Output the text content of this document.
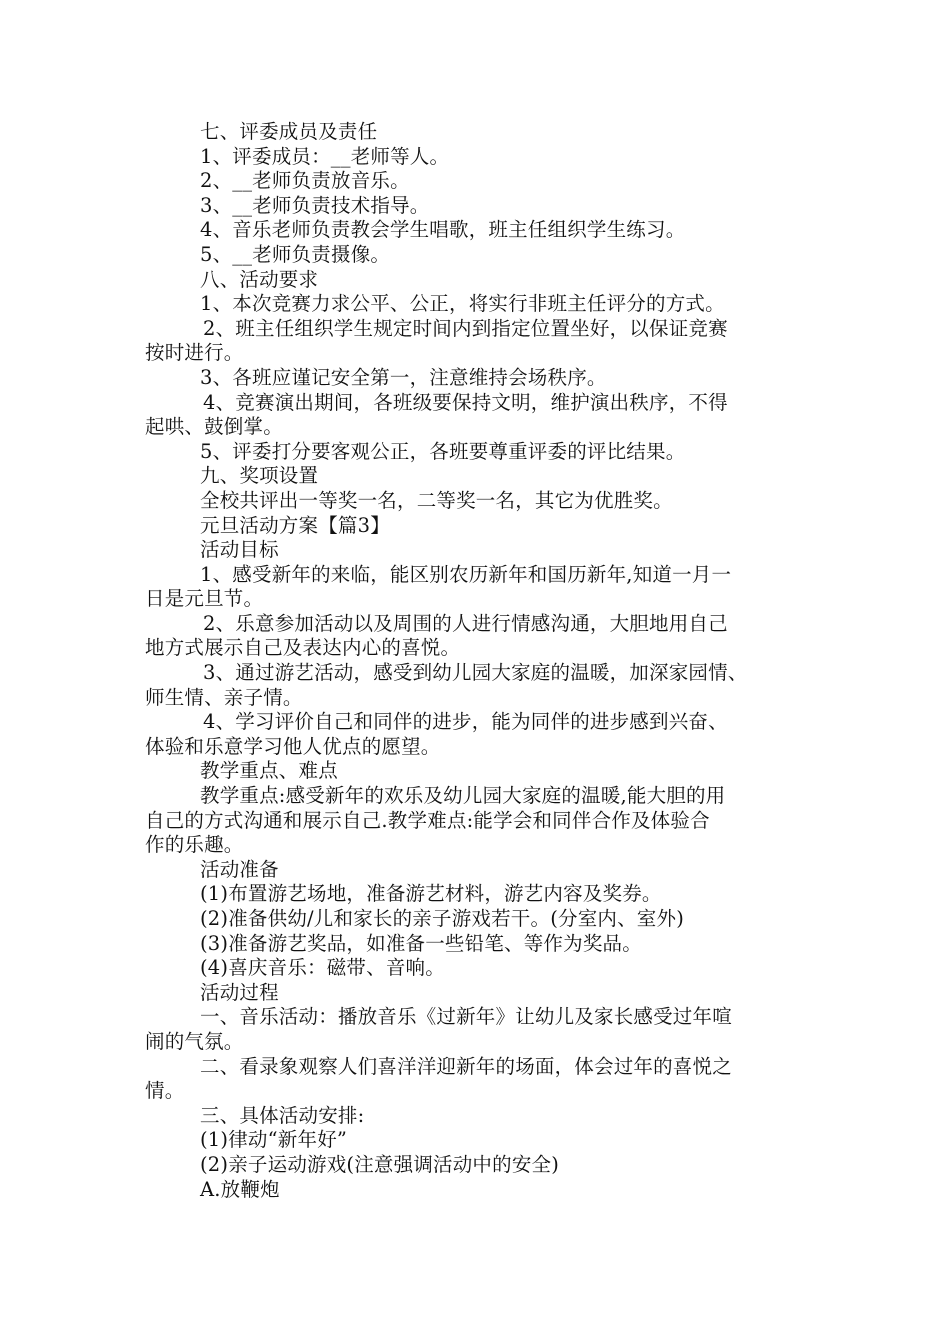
七、评委成员及责任
1、评委成员：__老师等人。
2、__老师负责放音乐。
3、__老师负责技术指导。
4、音乐老师负责教会学生唱歌，班主任组织学生练习。
5、__老师负责摄像。
八、活动要求
1、本次竞赛力求公平、公正，将实行非班主任评分的方式。
2、班主任组织学生规定时间内到指定位置坐好，以保证竞赛
按时进行。
3、各班应谨记安全第一，注意维持会场秩序。
4、竞赛演出期间，各班级要保持文明，维护演出秩序，不得
起哄、鼓倒掌。
5、评委打分要客观公正，各班要尊重评委的评比结果。
九、奖项设置
全校共评出一等奖一名，二等奖一名，其它为优胜奖。
元旦活动方案【篇3】
活动目标
1、感受新年的来临，能区别农历新年和国历新年,知道一月一
日是元旦节。
2、乐意参加活动以及周围的人进行情感沟通，大胆地用自己
地方式展示自己及表达内心的喜悦。
3、通过游艺活动，感受到幼儿园大家庭的温暖，加深家园情、
师生情、亲子情。
4、学习评价自己和同伴的进步，能为同伴的进步感到兴奋、
体验和乐意学习他人优点的愿望。
教学重点、难点
教学重点:感受新年的欢乐及幼儿园大家庭的温暖,能大胆的用
自己的方式沟通和展示自己.教学难点:能学会和同伴合作及体验合
作的乐趣。
活动准备
(1)布置游艺场地，准备游艺材料，游艺内容及奖券。
(2)准备供幼/儿和家长的亲子游戏若干。(分室内、室外)
(3)准备游艺奖品，如准备一些铅笔、等作为奖品。
(4)喜庆音乐：磁带、音响。
活动过程
一、音乐活动：播放音乐《过新年》让幼儿及家长感受过年喧
闹的气氛。
二、看录象观察人们喜洋洋迎新年的场面，体会过年的喜悦之
情。
三、具体活动安排:
(1)律动“新年好”
(2)亲子运动游戏(注意强调活动中的安全)
A.放鞭炮
